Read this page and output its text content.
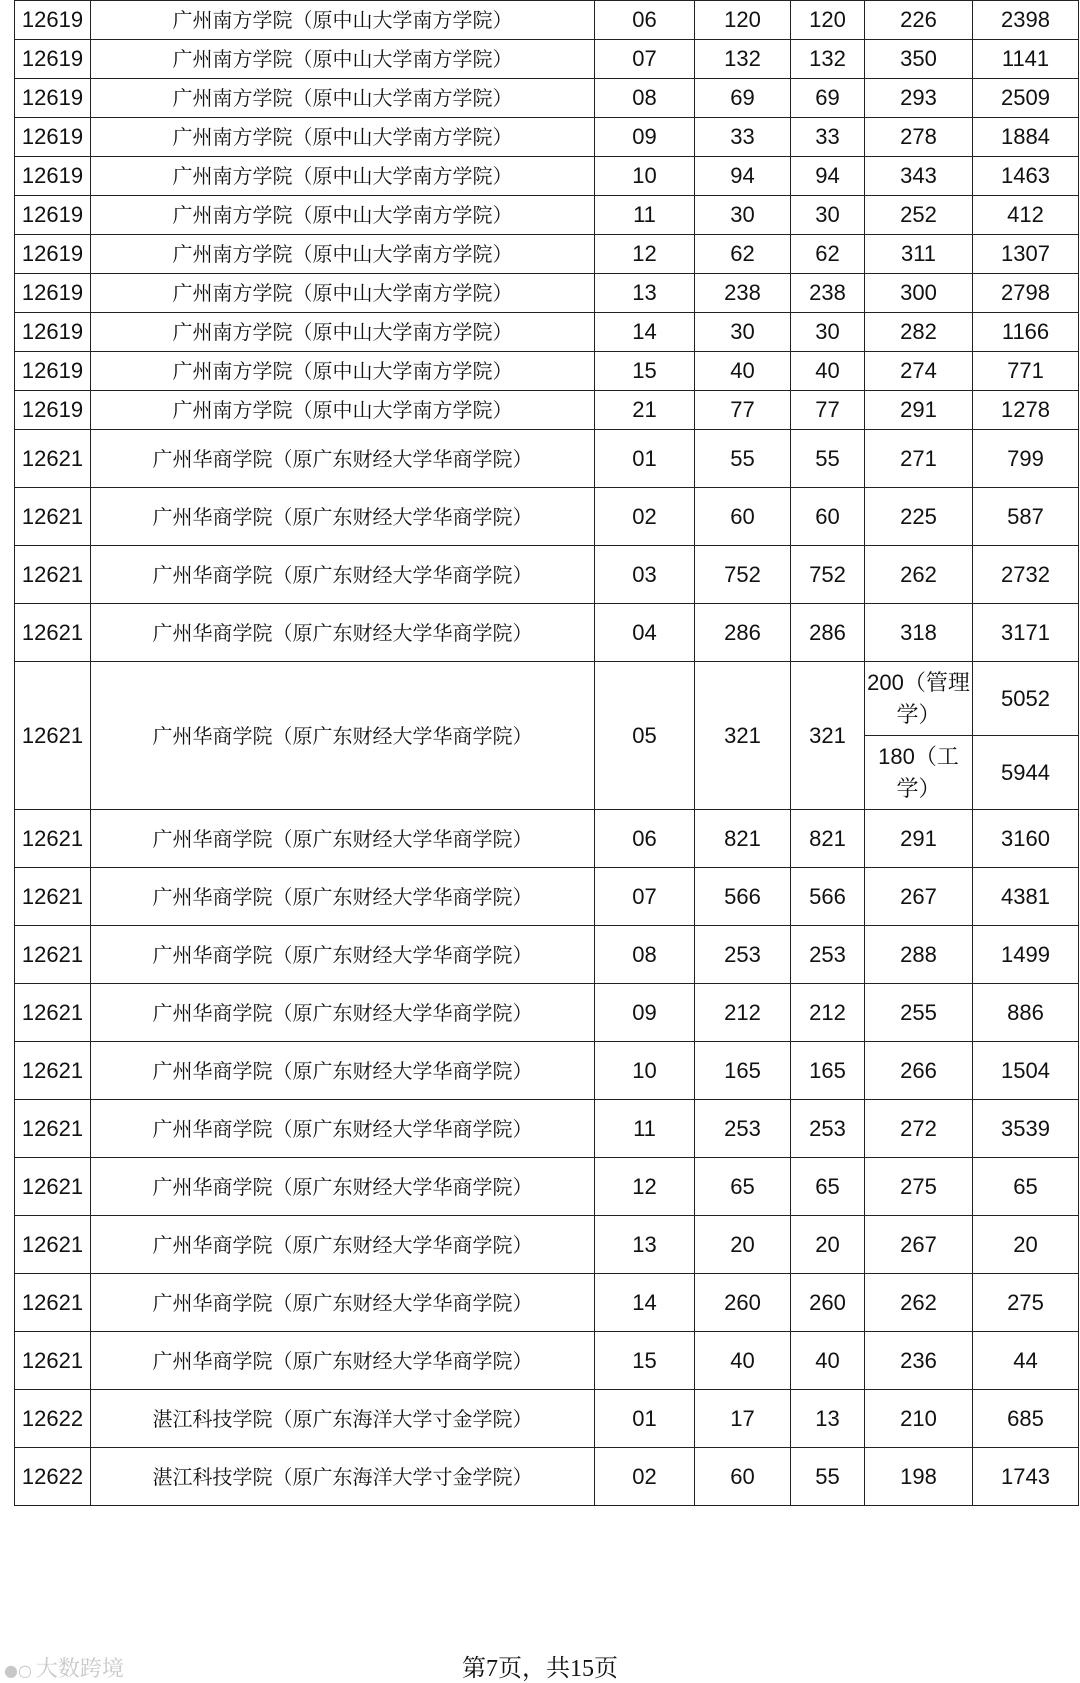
12619	广州南方学院（原中山大学南方学院）	06	120	120	226	2398
12619	广州南方学院（原中山大学南方学院）	07	132	132	350	1141
12619	广州南方学院（原中山大学南方学院）	08	69	69	293	2509
12619	广州南方学院（原中山大学南方学院）	09	33	33	278	1884
12619	广州南方学院（原中山大学南方学院）	10	94	94	343	1463
12619	广州南方学院（原中山大学南方学院）	11	30	30	252	412
12619	广州南方学院（原中山大学南方学院）	12	62	62	311	1307
12619	广州南方学院（原中山大学南方学院）	13	238	238	300	2798
12619	广州南方学院（原中山大学南方学院）	14	30	30	282	1166
12619	广州南方学院（原中山大学南方学院）	15	40	40	274	771
12619	广州南方学院（原中山大学南方学院）	21	77	77	291	1278
12621	广州华商学院（原广东财经大学华商学院）	01	55	55	271	799
12621	广州华商学院（原广东财经大学华商学院）	02	60	60	225	587
12621	广州华商学院（原广东财经大学华商学院）	03	752	752	262	2732
12621	广州华商学院（原广东财经大学华商学院）	04	286	286	318	3171
12621	广州华商学院（原广东财经大学华商学院）	05	321	321	200（管理学）	5052
					180（工学）	5944
12621	广州华商学院（原广东财经大学华商学院）	06	821	821	291	3160
12621	广州华商学院（原广东财经大学华商学院）	07	566	566	267	4381
12621	广州华商学院（原广东财经大学华商学院）	08	253	253	288	1499
12621	广州华商学院（原广东财经大学华商学院）	09	212	212	255	886
12621	广州华商学院（原广东财经大学华商学院）	10	165	165	266	1504
12621	广州华商学院（原广东财经大学华商学院）	11	253	253	272	3539
12621	广州华商学院（原广东财经大学华商学院）	12	65	65	275	65
12621	广州华商学院（原广东财经大学华商学院）	13	20	20	267	20
12621	广州华商学院（原广东财经大学华商学院）	14	260	260	262	275
12621	广州华商学院（原广东财经大学华商学院）	15	40	40	236	44
12622	湛江科技学院（原广东海洋大学寸金学院）	01	17	13	210	685
12622	湛江科技学院（原广东海洋大学寸金学院）	02	60	55	198	1743
●○ 大数跨境	第7页，共15页
